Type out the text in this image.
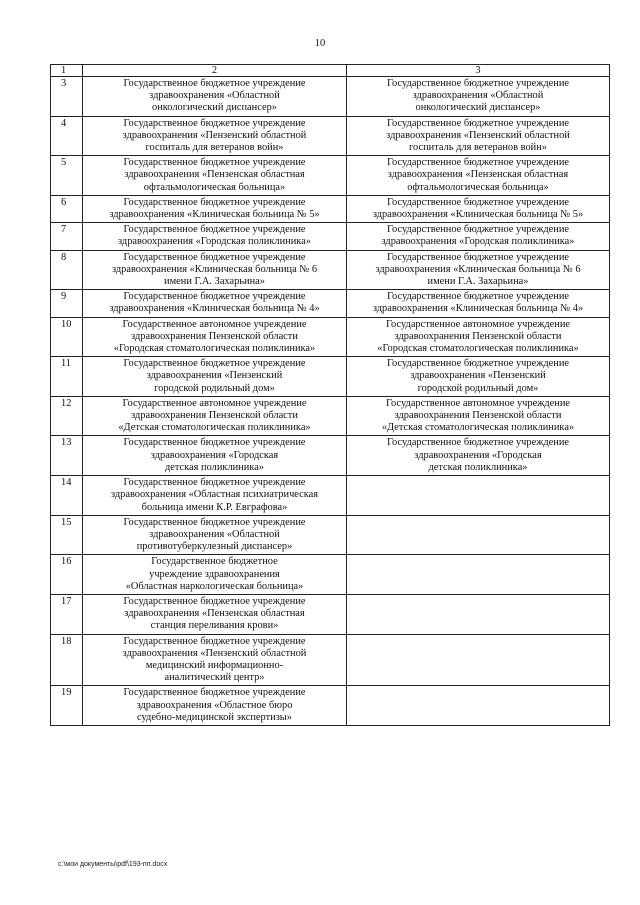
10
1	2	3
3	Государственное бюджетное учреждение
здравоохранения «Областной
онкологический диспансер»	Государственное бюджетное учреждение
здравоохранения «Областной
онкологический диспансер»

4	Государственное бюджетное учреждение
здравоохранения «Пензенский областной
госпиталь для ветеранов войн»	Государственное бюджетное учреждение
здравоохранения «Пензенский областной
госпиталь для ветеранов войн»

5	Государственное бюджетное учреждение
здравоохранения «Пензенская областная
офтальмологическая больница»	Государственное бюджетное учреждение
здравоохранения «Пензенская областная
офтальмологическая больница»

6	Государственное бюджетное учреждение
здравоохранения «Клиническая больница № 5»	Государственное бюджетное учреждение
здравоохранения «Клиническая больница № 5»

7	Государственное бюджетное учреждение
здравоохранения «Городская поликлиника»	Государственное бюджетное учреждение
здравоохранения «Городская поликлиника»

8	Государственное бюджетное учреждение
здравоохранения «Клиническая больница № 6
имени Г.А. Захарьина»	Государственное бюджетное учреждение
здравоохранения «Клиническая больница № 6
имени Г.А. Захарьина»

9	Государственное бюджетное учреждение
здравоохранения «Клиническая больница № 4»	Государственное бюджетное учреждение
здравоохранения «Клиническая больница № 4»

10	Государственное автономное учреждение
здравоохранения Пензенской области
«Городская стоматологическая поликлиника»	Государственное автономное учреждение
здравоохранения Пензенской области
«Городская стоматологическая поликлиника»

11	Государственное бюджетное учреждение
здравоохранения «Пензенский
городской родильный дом»	Государственное бюджетное учреждение
здравоохранения «Пензенский
городской родильный дом»

12	Государственное автономное учреждение
здравоохранения Пензенской области
«Детская стоматологическая поликлиника»	Государственное автономное учреждение
здравоохранения Пензенской области
«Детская стоматологическая поликлиника»

13	Государственное бюджетное учреждение
здравоохранения «Городская
детская поликлиника»	Государственное бюджетное учреждение
здравоохранения «Городская
детская поликлиника»

14	Государственное бюджетное учреждение
здравоохранения «Областная психиатрическая
больница имени К.Р. Евграфова»	

15	Государственное бюджетное учреждение
здравоохранения «Областной
противотуберкулезный диспансер»	

16	Государственное бюджетное
учреждение здравоохранения
«Областная наркологическая больница»	

17	Государственное бюджетное учреждение
здравоохранения «Пензенская областная
станция переливания крови»	

18	Государственное бюджетное учреждение
здравоохранения «Пензенский областной
медицинский информационно-
аналитический центр»	

19	Государственное бюджетное учреждение
здравоохранения «Областное бюро
судебно-медицинской экспертизы»	

c:\мои документы\pdf\193-пп.docx
